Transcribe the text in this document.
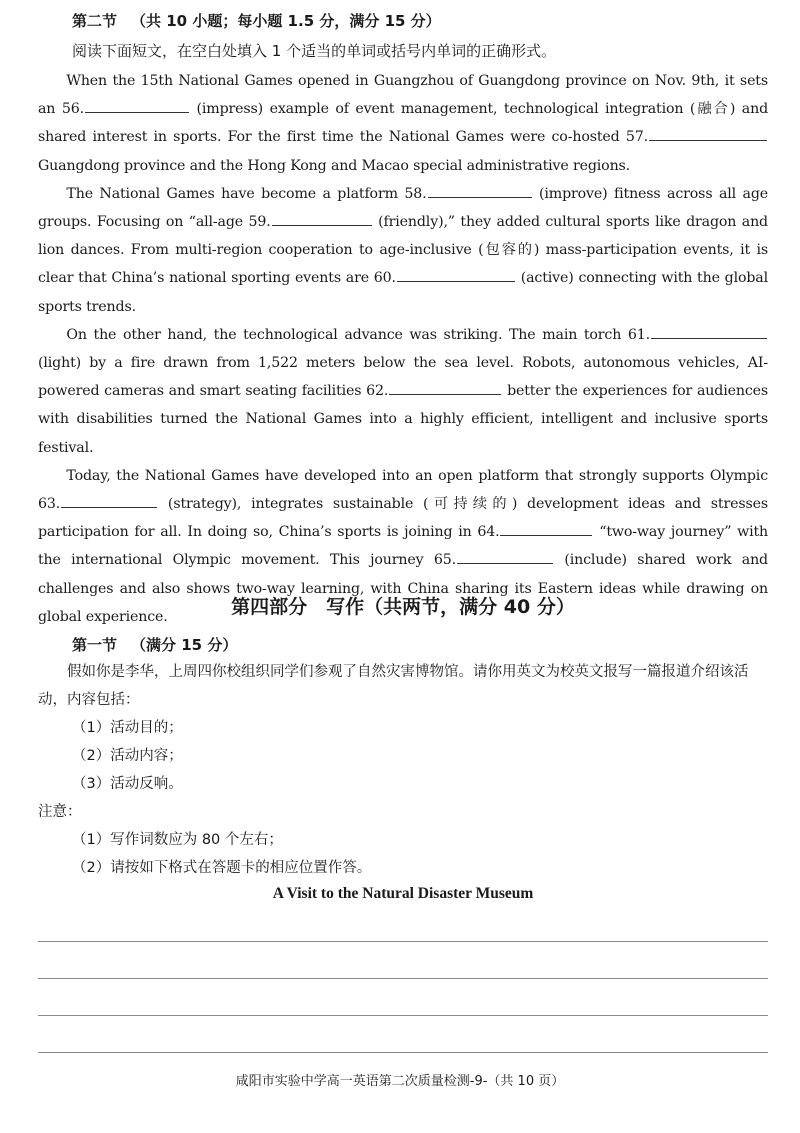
第二节 （共 10 小题；每小题 1.5 分，满分 15 分）
阅读下面短文，在空白处填入 1 个适当的单词或括号内单词的正确形式。
When the 15th National Games opened in Guangzhou of Guangdong province on Nov. 9th, it sets an 56.	(impress) example of event management, technological integration (融合) and shared interest in sports. For the first time the National Games were co-hosted 57. Guangdong province and the Hong Kong and Macao special administrative regions.
The National Games have become a platform 58.	(improve) fitness across all age groups. Focusing on “all-age 59.	(friendly),” they added cultural sports like dragon and lion dances. From multi-region cooperation to age-inclusive (包容的) mass-participation events, it is clear that China’s national sporting events are 60.	(active) connecting with the global sports trends.
On the other hand, the technological advance was striking. The main torch 61. (light) by a fire drawn from 1,522 meters below the sea level. Robots, autonomous vehicles, AI-powered cameras and smart seating facilities 62.	better the experiences for audiences with disabilities turned the National Games into a highly efficient, intelligent and inclusive sports festival.
Today, the National Games have developed into an open platform that strongly supports Olympic 63.	(strategy), integrates sustainable (可持续的) development ideas and stresses participation for all. In doing so, China’s sports is joining in 64.	“two-way journey” with the international Olympic movement. This journey 65.	(include) shared work and challenges and also shows two-way learning, with China sharing its Eastern ideas while drawing on global experience.	第四部分　写作（共两节，满分 40 分）
第一节 （满分 15 分）
假如你是李华，上周四你校组织同学们参观了自然灾害博物馆。请你用英文为校英文报写一篇报道介绍该活动，内容包括：
（1）活动目的；
（2）活动内容；
（3）活动反响。
注意：
（1）写作词数应为 80 个左右；
（2）请按如下格式在答题卡的相应位置作答。
A Visit to the Natural Disaster Museum
咸阳市实验中学高一英语第二次质量检测-9-（共 10 页）
